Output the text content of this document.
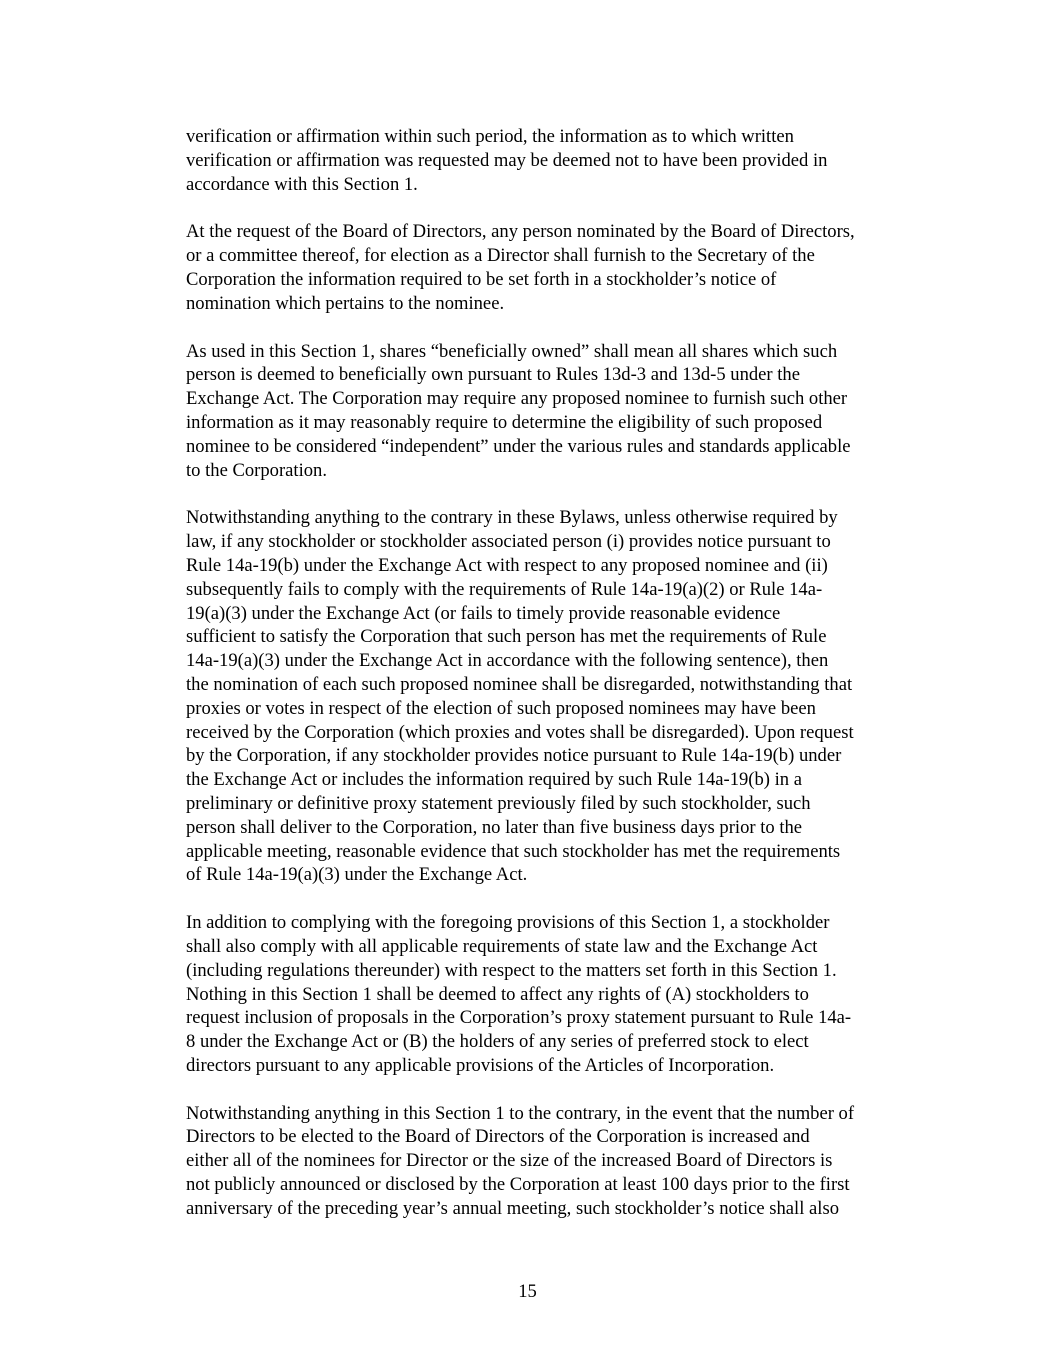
verification or affirmation within such period, the information as to which written
verification or affirmation was requested may be deemed not to have been provided in
accordance with this Section 1.

At the request of the Board of Directors, any person nominated by the Board of Directors,
or a committee thereof, for election as a Director shall furnish to the Secretary of the
Corporation the information required to be set forth in a stockholder’s notice of
nomination which pertains to the nominee.

As used in this Section 1, shares “beneficially owned” shall mean all shares which such
person is deemed to beneficially own pursuant to Rules 13d-3 and 13d-5 under the
Exchange Act. The Corporation may require any proposed nominee to furnish such other
information as it may reasonably require to determine the eligibility of such proposed
nominee to be considered “independent” under the various rules and standards applicable
to the Corporation.

Notwithstanding anything to the contrary in these Bylaws, unless otherwise required by
law, if any stockholder or stockholder associated person (i) provides notice pursuant to
Rule 14a-19(b) under the Exchange Act with respect to any proposed nominee and (ii)
subsequently fails to comply with the requirements of Rule 14a-19(a)(2) or Rule 14a-
19(a)(3) under the Exchange Act (or fails to timely provide reasonable evidence
sufficient to satisfy the Corporation that such person has met the requirements of Rule
14a-19(a)(3) under the Exchange Act in accordance with the following sentence), then
the nomination of each such proposed nominee shall be disregarded, notwithstanding that
proxies or votes in respect of the election of such proposed nominees may have been
received by the Corporation (which proxies and votes shall be disregarded). Upon request
by the Corporation, if any stockholder provides notice pursuant to Rule 14a-19(b) under
the Exchange Act or includes the information required by such Rule 14a-19(b) in a
preliminary or definitive proxy statement previously filed by such stockholder, such
person shall deliver to the Corporation, no later than five business days prior to the
applicable meeting, reasonable evidence that such stockholder has met the requirements
of Rule 14a-19(a)(3) under the Exchange Act.

In addition to complying with the foregoing provisions of this Section 1, a stockholder
shall also comply with all applicable requirements of state law and the Exchange Act
(including regulations thereunder) with respect to the matters set forth in this Section 1.
Nothing in this Section 1 shall be deemed to affect any rights of (A) stockholders to
request inclusion of proposals in the Corporation’s proxy statement pursuant to Rule 14a-
8 under the Exchange Act or (B) the holders of any series of preferred stock to elect
directors pursuant to any applicable provisions of the Articles of Incorporation.

Notwithstanding anything in this Section 1 to the contrary, in the event that the number of
Directors to be elected to the Board of Directors of the Corporation is increased and
either all of the nominees for Director or the size of the increased Board of Directors is
not publicly announced or disclosed by the Corporation at least 100 days prior to the first
anniversary of the preceding year’s annual meeting, such stockholder’s notice shall also

15
